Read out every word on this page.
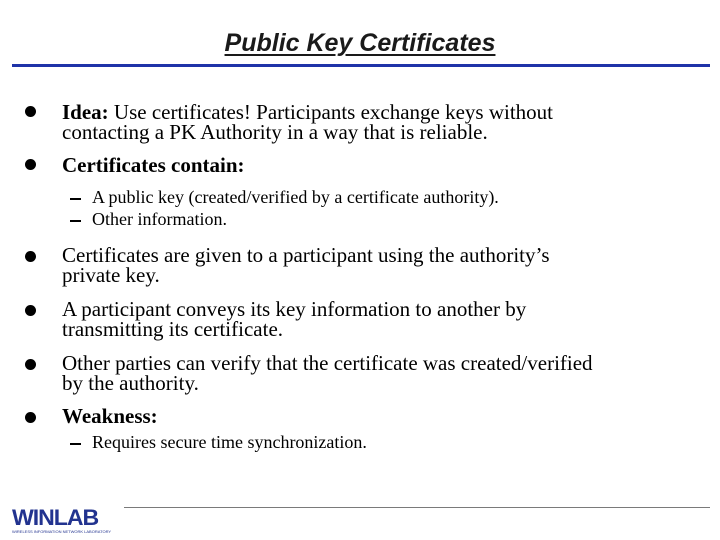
Public Key Certificates
Idea: Use certificates! Participants exchange keys without
contacting a PK Authority in a way that is reliable.
Certificates contain:
A public key (created/verified by a certificate authority).
Other information.
Certificates are given to a participant using the authority’s
private key.
A participant conveys its key information to another by
transmitting its certificate.
Other parties can verify that the certificate was created/verified
by the authority.
Weakness:
Requires secure time synchronization.
WINLAB
WIRELESS INFORMATION NETWORK LABORATORY
